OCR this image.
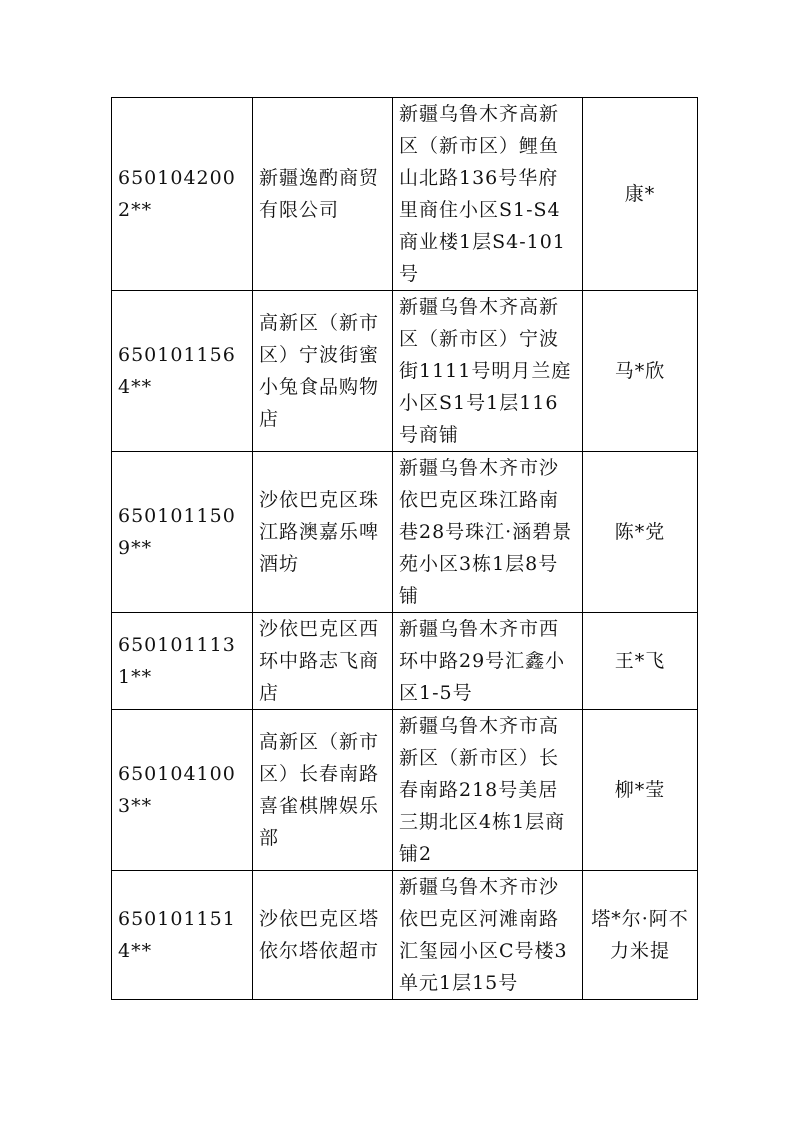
6501042002**	新疆逸酌商贸有限公司	新疆乌鲁木齐高新区（新市区）鲤鱼山北路136号华府里商住小区S1-S4商业楼1层S4-101号	康*

6501011564**	高新区（新市区）宁波街蜜小兔食品购物店	新疆乌鲁木齐高新区（新市区）宁波街1111号明月兰庭小区S1号1层116号商铺	马*欣

6501011509**	沙依巴克区珠江路澳嘉乐啤酒坊	新疆乌鲁木齐市沙依巴克区珠江路南巷28号珠江·涵碧景苑小区3栋1层8号铺	陈*党

6501011131**	沙依巴克区西环中路志飞商店	新疆乌鲁木齐市西环中路29号汇鑫小区1-5号	王*飞

6501041003**	高新区（新市区）长春南路喜雀棋牌娱乐部	新疆乌鲁木齐市高新区（新市区）长春南路218号美居三期北区4栋1层商铺2	柳*莹

6501011514**	沙依巴克区塔依尔塔依超市	新疆乌鲁木齐市沙依巴克区河滩南路汇玺园小区C号楼3单元1层15号	塔*尔·阿不力米提
